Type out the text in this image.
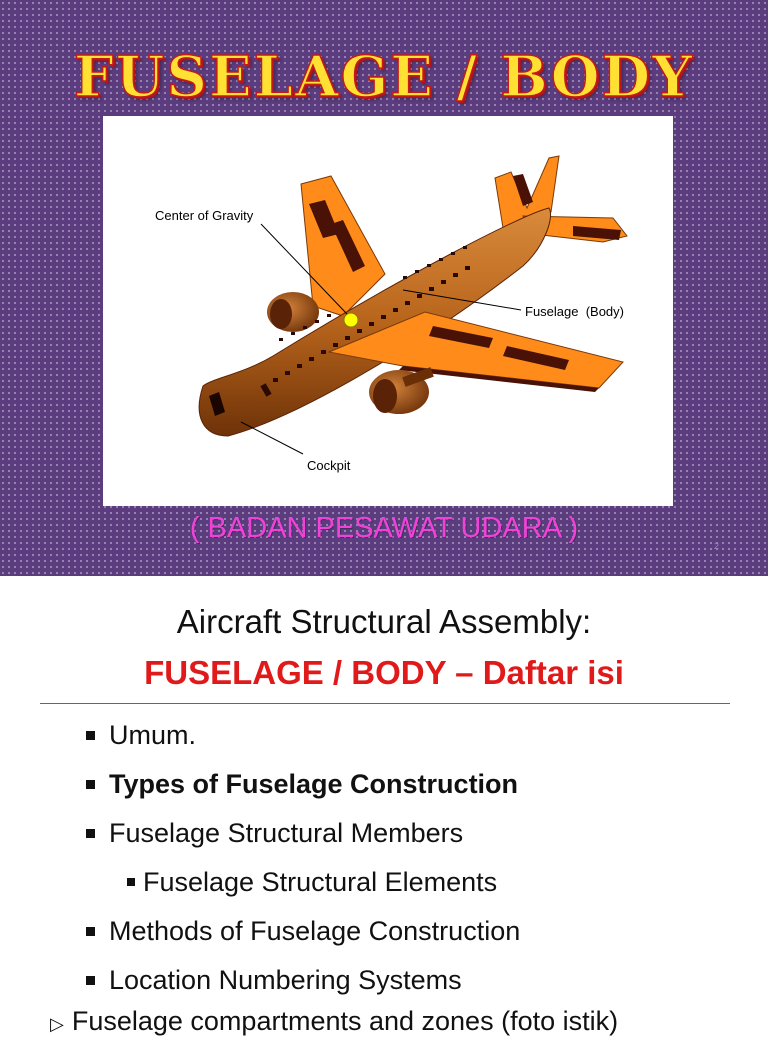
FUSELAGE / BODY
Center of Gravity
Fuselage  (Body)
Cockpit
( BADAN PESAWAT UDARA )
2
Aircraft Structural Assembly:
FUSELAGE / BODY – Daftar isi
Umum.
Types of Fuselage Construction
Fuselage Structural Members
Fuselage Structural Elements
Methods of Fuselage Construction
Location Numbering Systems
▷ Fuselage compartments and zones (foto istik)
